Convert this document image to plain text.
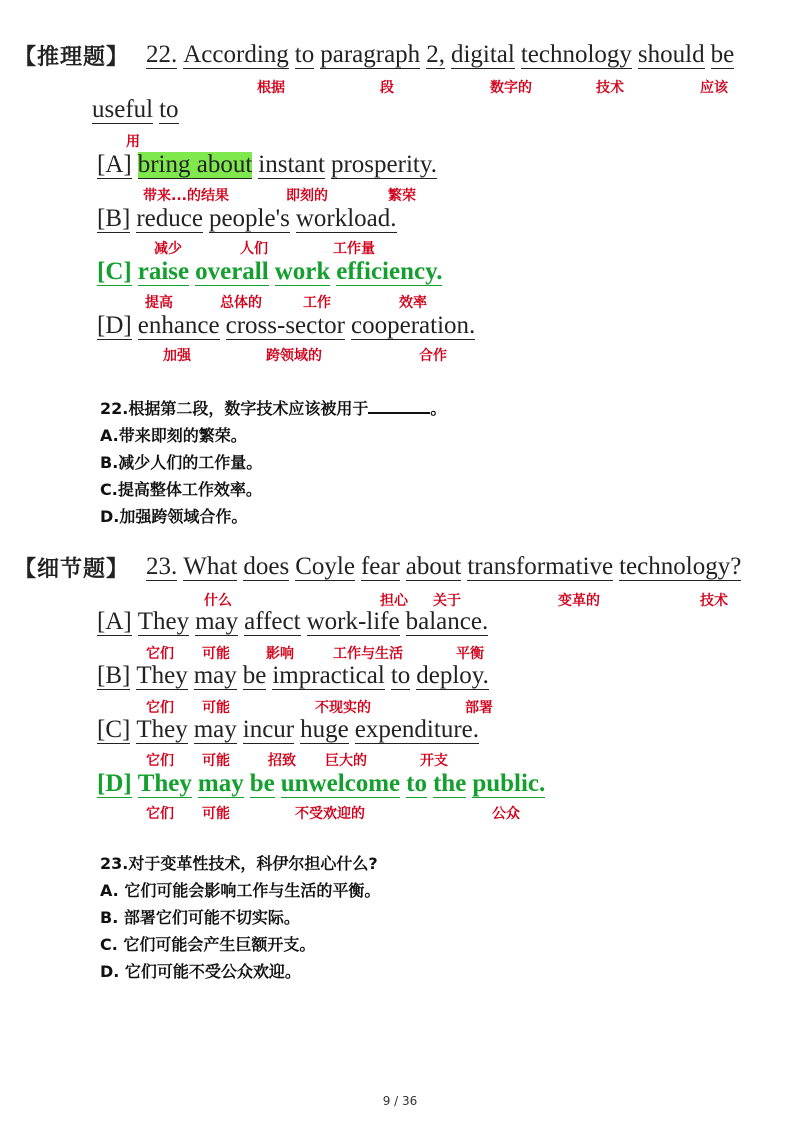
【推理题】 22. According to paragraph 2, digital technology should be
根据	段	数字的	技术	应该
useful to
用
[A] bring about instant prosperity.
带来...的结果	即刻的	繁荣
[B] reduce people's workload.
减少	人们	工作量
[C] raise overall work efficiency.
提高	总体的	工作	效率
[D] enhance cross-sector cooperation.
加强	跨领域的	合作
22.根据第二段，数字技术应该被用于	。
A.带来即刻的繁荣。
B.减少人们的工作量。
C.提高整体工作效率。
D.加强跨领域合作。
【细节题】 23. What does Coyle fear about transformative technology?
什么	担心 关于	变革的	技术
[A] They may affect work-life balance.
它们 可能	影响	工作与生活	平衡
[B] They may be impractical to deploy.
它们 可能	不现实的	部署
[C] They may incur huge expenditure.
它们 可能	招致 巨大的	开支
[D] They may be unwelcome to the public.
它们 可能	不受欢迎的	公众
23.对于变革性技术，科伊尔担心什么?
A. 它们可能会影响工作与生活的平衡。
B. 部署它们可能不切实际。
C. 它们可能会产生巨额开支。
D. 它们可能不受公众欢迎。
9 / 36
